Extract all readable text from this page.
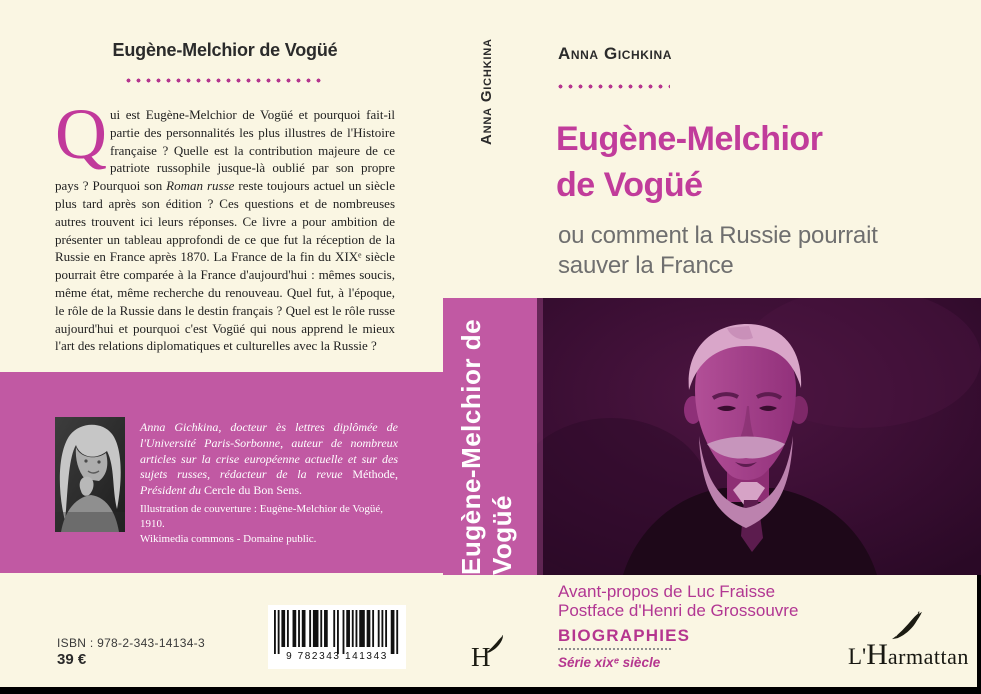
Eugène-Melchior de Vogüé

Qui est Eugène-Melchior de Vogüé et pourquoi fait-il partie des personnalités les plus illustres de l'Histoire française ? Quelle est la contribution majeure de ce patriote russophile jusque-là oublié par son propre pays ? Pourquoi son Roman russe reste toujours actuel un siècle plus tard après son édition ? Ces questions et de nombreuses autres trouvent ici leurs réponses. Ce livre a pour ambition de présenter un tableau approfondi de ce que fut la réception de la Russie en France après 1870. La France de la fin du XIXᵉ siècle pourrait être comparée à la France d'aujourd'hui : mêmes soucis, même état, même recherche du renouveau. Quel fut, à l'époque, le rôle de la Russie dans le destin français ? Quel est le rôle russe aujourd'hui et pourquoi c'est Vogüé qui nous apprend le mieux l'art des relations diplomatiques et culturelles avec la Russie ?

Anna Gichkina, docteur ès lettres diplômée de l'Université Paris-Sorbonne, auteur de nombreux articles sur la crise européenne actuelle et sur des sujets russes, rédacteur de la revue Méthode, Président du Cercle du Bon Sens.

Illustration de couverture : Eugène-Melchior de Vogüé, 1910.
Wikimedia commons - Domaine public.

ISBN : 978-2-343-14134-3
39 €	9 782343 141343
Anna Gichkina
Eugène-Melchior de Vogüé
H
Anna Gichkina
Eugène-Melchior
de Vogüé
ou comment la Russie pourrait
sauver la France

Avant-propos de Luc Fraisse
Postface d'Henri de Grossouvre

BIOGRAPHIES
Série xixᵉ siècle	L'Harmattan
